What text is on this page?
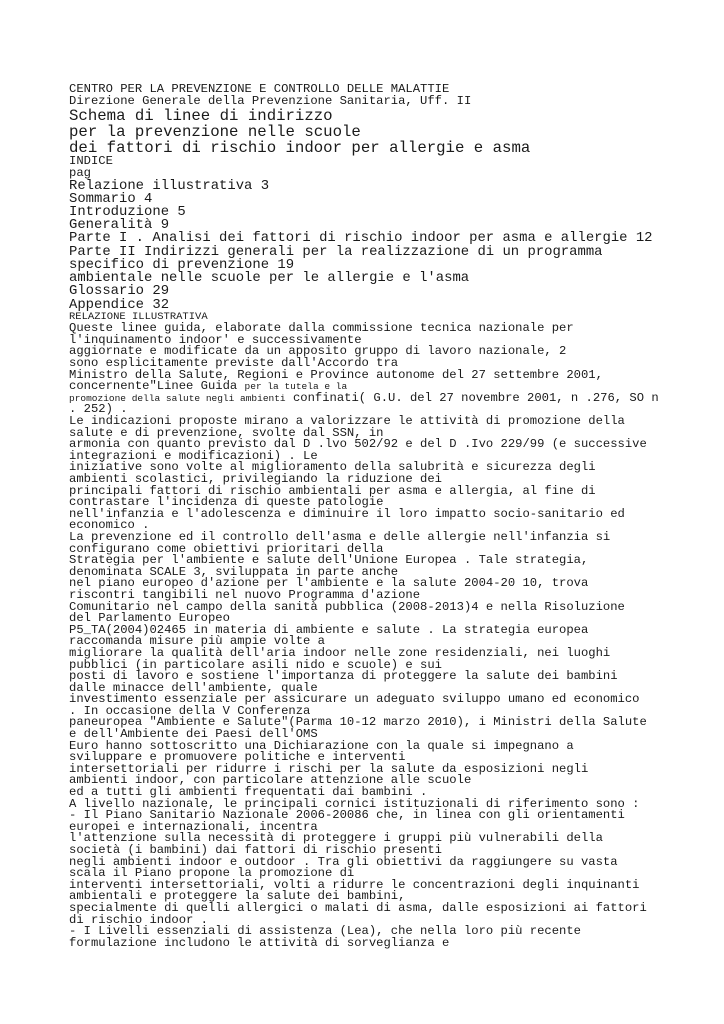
CENTRO PER LA PREVENZIONE E CONTROLLO DELLE MALATTIE
Direzione Generale della Prevenzione Sanitaria, Uff. II
Schema di linee di indirizzo
per la prevenzione nelle scuole
dei fattori di rischio indoor per allergie e asma
INDICE
pag
Relazione illustrativa 3
Sommario 4
Introduzione 5
Generalità 9
Parte I . Analisi dei fattori di rischio indoor per asma e allergie 12
Parte II Indirizzi generali per la realizzazione di un programma specifico di prevenzione 19
ambientale nelle scuole per le allergie e l'asma
Glossario 29
Appendice 32
RELAZIONE ILLUSTRATIVA
Queste linee guida, elaborate dalla commissione tecnica nazionale per l'inquinamento indoor' e successivamente
aggiornate e modificate da un apposito gruppo di lavoro nazionale, 2 sono esplicitamente previste dall'Accordo tra
Ministro della Salute, Regioni e Province autonome del 27 settembre 2001,
concernente"Linee Guida per la tutela e la
promozione della salute negli ambienti confinati( G.U. del 27 novembre 2001, n .276, SO n
. 252) .
Le indicazioni proposte mirano a valorizzare le attività di promozione della salute e di prevenzione, svolte dal SSN, in
armonia con quanto previsto dal D .lvo 502/92 e del D .Ivo 229/99 (e successive integrazioni e modificazioni) . Le
iniziative sono volte al miglioramento della salubrità e sicurezza degli ambienti scolastici, privilegiando la riduzione dei
principali fattori di rischio ambientali per asma e allergia, al fine di contrastare l'incidenza di queste patologie
nell'infanzia e l'adolescenza e diminuire il loro impatto socio-sanitario ed economico .
La prevenzione ed il controllo dell'asma e delle allergie nell'infanzia si configurano come obiettivi prioritari della
Strategia per l'ambiente e salute dell'Unione Europea . Tale strategia, denominata SCALE 3, sviluppata in parte anche
nel piano europeo d'azione per l'ambiente e la salute 2004-20 10, trova riscontri tangibili nel nuovo Programma d'azione
Comunitario nel campo della sanità pubblica (2008-2013)4 e nella Risoluzione del Parlamento Europeo
P5_TA(2004)02465 in materia di ambiente e salute . La strategia europea raccomanda misure più ampie volte a
migliorare la qualità dell'aria indoor nelle zone residenziali, nei luoghi pubblici (in particolare asili nido e scuole) e sui
posti di lavoro e sostiene l'importanza di proteggere la salute dei bambini dalle minacce dell'ambiente, quale
investimento essenziale per assicurare un adeguato sviluppo umano ed economico . In occasione della V Conferenza
paneuropea "Ambiente e Salute"(Parma 10-12 marzo 2010), i Ministri della Salute e dell'Ambiente dei Paesi dell'OMS
Euro hanno sottoscritto una Dichiarazione con la quale si impegnano a sviluppare e promuovere politiche e interventi
intersettoriali per ridurre i rischi per la salute da esposizioni negli ambienti indoor, con particolare attenzione alle scuole
ed a tutti gli ambienti frequentati dai bambini .
A livello nazionale, le principali cornici istituzionali di riferimento sono :
- Il Piano Sanitario Nazionale 2006-20086 che, in linea con gli orientamenti europei e internazionali, incentra
l'attenzione sulla necessità di proteggere i gruppi più vulnerabili della società (i bambini) dai fattori di rischio presenti
negli ambienti indoor e outdoor . Tra gli obiettivi da raggiungere su vasta scala il Piano propone la promozione di
interventi intersettoriali, volti a ridurre le concentrazioni degli inquinanti ambientali e proteggere la salute dei bambini,
specialmente di quelli allergici o malati di asma, dalle esposizioni ai fattori di rischio indoor .
- I Livelli essenziali di assistenza (Lea), che nella loro più recente formulazione includono le attività di sorveglianza e
